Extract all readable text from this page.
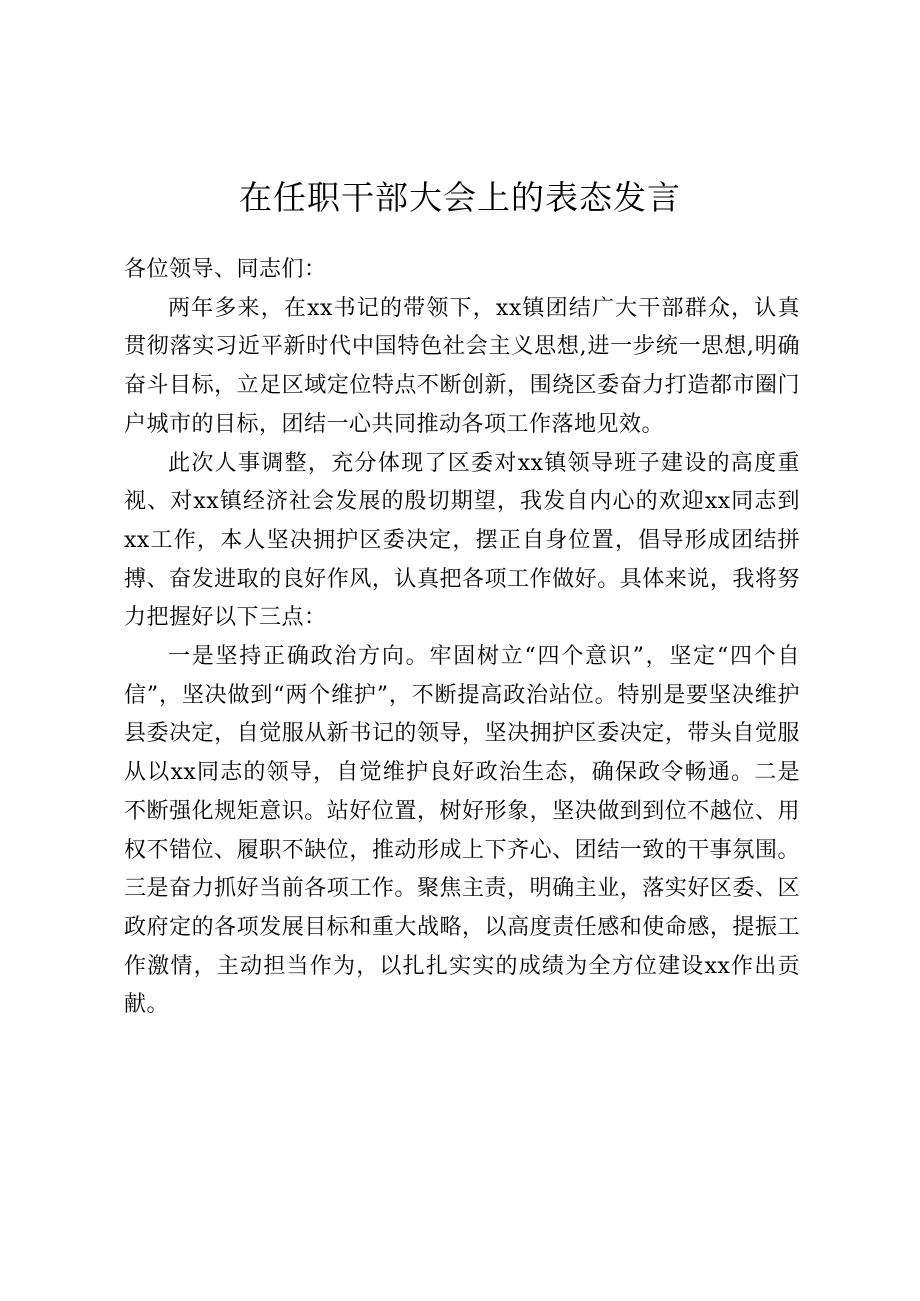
在任职干部大会上的表态发言

各位领导、同志们：

两年多来，在xx书记的带领下，xx镇团结广大干部群众，认真贯彻落实习近平新时代中国特色社会主义思想,进一步统一思想,明确奋斗目标，立足区域定位特点不断创新，围绕区委奋力打造都市圈门户城市的目标，团结一心共同推动各项工作落地见效。

此次人事调整，充分体现了区委对xx镇领导班子建设的高度重视、对xx镇经济社会发展的殷切期望，我发自内心的欢迎xx同志到xx工作，本人坚决拥护区委决定，摆正自身位置，倡导形成团结拼搏、奋发进取的良好作风，认真把各项工作做好。具体来说，我将努力把握好以下三点：

一是坚持正确政治方向。牢固树立“四个意识”，坚定“四个自信”，坚决做到“两个维护”，不断提高政治站位。特别是要坚决维护县委决定，自觉服从新书记的领导，坚决拥护区委决定，带头自觉服从以xx同志的领导，自觉维护良好政治生态，确保政令畅通。二是不断强化规矩意识。站好位置，树好形象，坚决做到到位不越位、用权不错位、履职不缺位，推动形成上下齐心、团结一致的干事氛围。三是奋力抓好当前各项工作。聚焦主责，明确主业，落实好区委、区政府定的各项发展目标和重大战略，以高度责任感和使命感，提振工作激情，主动担当作为，以扎扎实实的成绩为全方位建设xx作出贡献。
